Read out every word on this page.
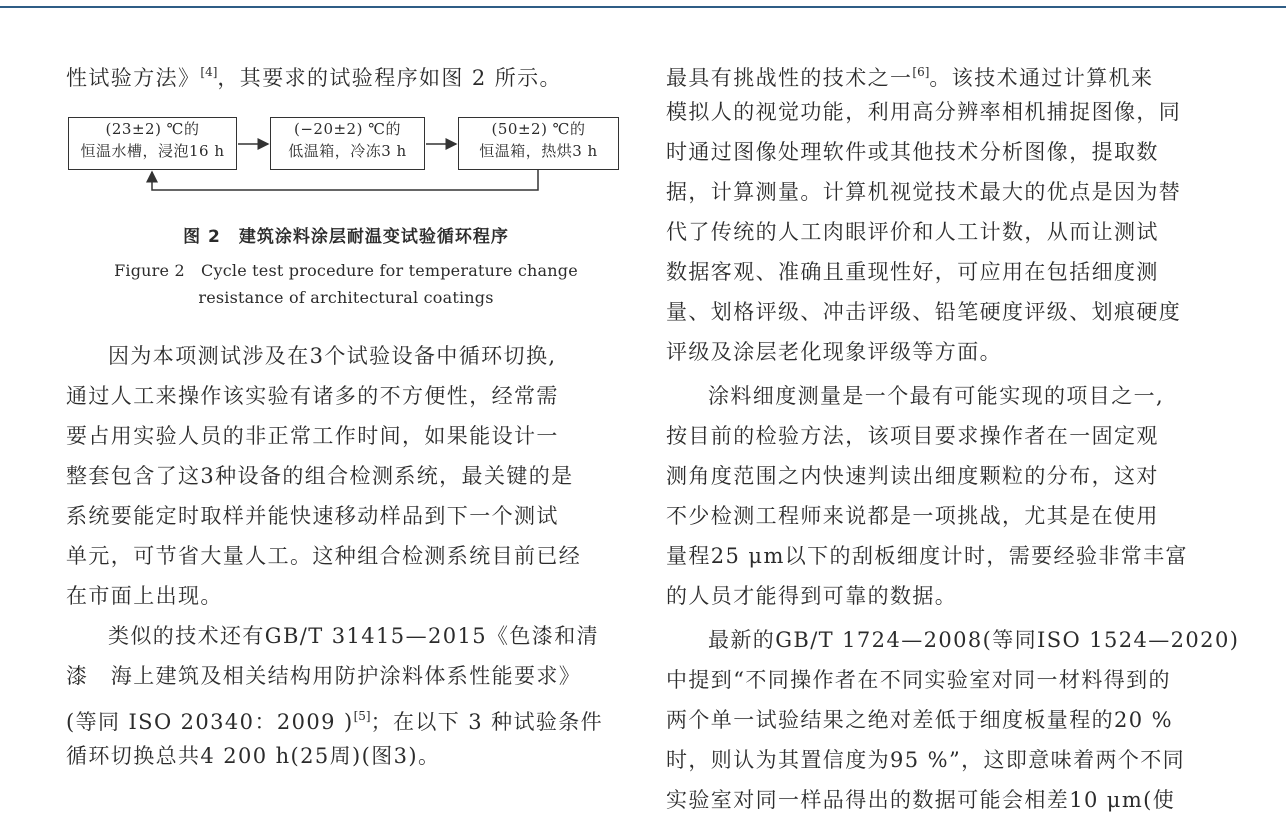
性试验方法》[4]，其要求的试验程序如图 2 所示。
(23±2) ℃的
恒温水槽，浸泡16 h
(−20±2) ℃的
低温箱，冷冻3 h
(50±2) ℃的
恒温箱，热烘3 h
图 2　建筑涂料涂层耐温变试验循环程序
Figure 2　Cycle test procedure for temperature change
resistance of architectural coatings
因为本项测试涉及在3个试验设备中循环切换,
通过人工来操作该实验有诸多的不方便性，经常需
要占用实验人员的非正常工作时间，如果能设计一
整套包含了这3种设备的组合检测系统，最关键的是
系统要能定时取样并能快速移动样品到下一个测试
单元，可节省大量人工。这种组合检测系统目前已经
在市面上出现。
类似的技术还有GB/T 31415—2015《色漆和清
漆　海上建筑及相关结构用防护涂料体系性能要求》
(等同 ISO 20340：2009 )[5]；在以下 3 种试验条件
循环切换总共4 200 h(25周)(图3)。
最具有挑战性的技术之一[6]。该技术通过计算机来
模拟人的视觉功能，利用高分辨率相机捕捉图像，同
时通过图像处理软件或其他技术分析图像，提取数
据，计算测量。计算机视觉技术最大的优点是因为替
代了传统的人工肉眼评价和人工计数，从而让测试
数据客观、准确且重现性好，可应用在包括细度测
量、划格评级、冲击评级、铅笔硬度评级、划痕硬度
评级及涂层老化现象评级等方面。
涂料细度测量是一个最有可能实现的项目之一,
按目前的检验方法，该项目要求操作者在一固定观
测角度范围之内快速判读出细度颗粒的分布，这对
不少检测工程师来说都是一项挑战，尤其是在使用
量程25 μm以下的刮板细度计时，需要经验非常丰富
的人员才能得到可靠的数据。
最新的GB/T 1724—2008(等同ISO 1524—2020)
中提到“不同操作者在不同实验室对同一材料得到的
两个单一试验结果之绝对差低于细度板量程的20 %
时，则认为其置信度为95 %”，这即意味着两个不同
实验室对同一样品得出的数据可能会相差10 μm(使
